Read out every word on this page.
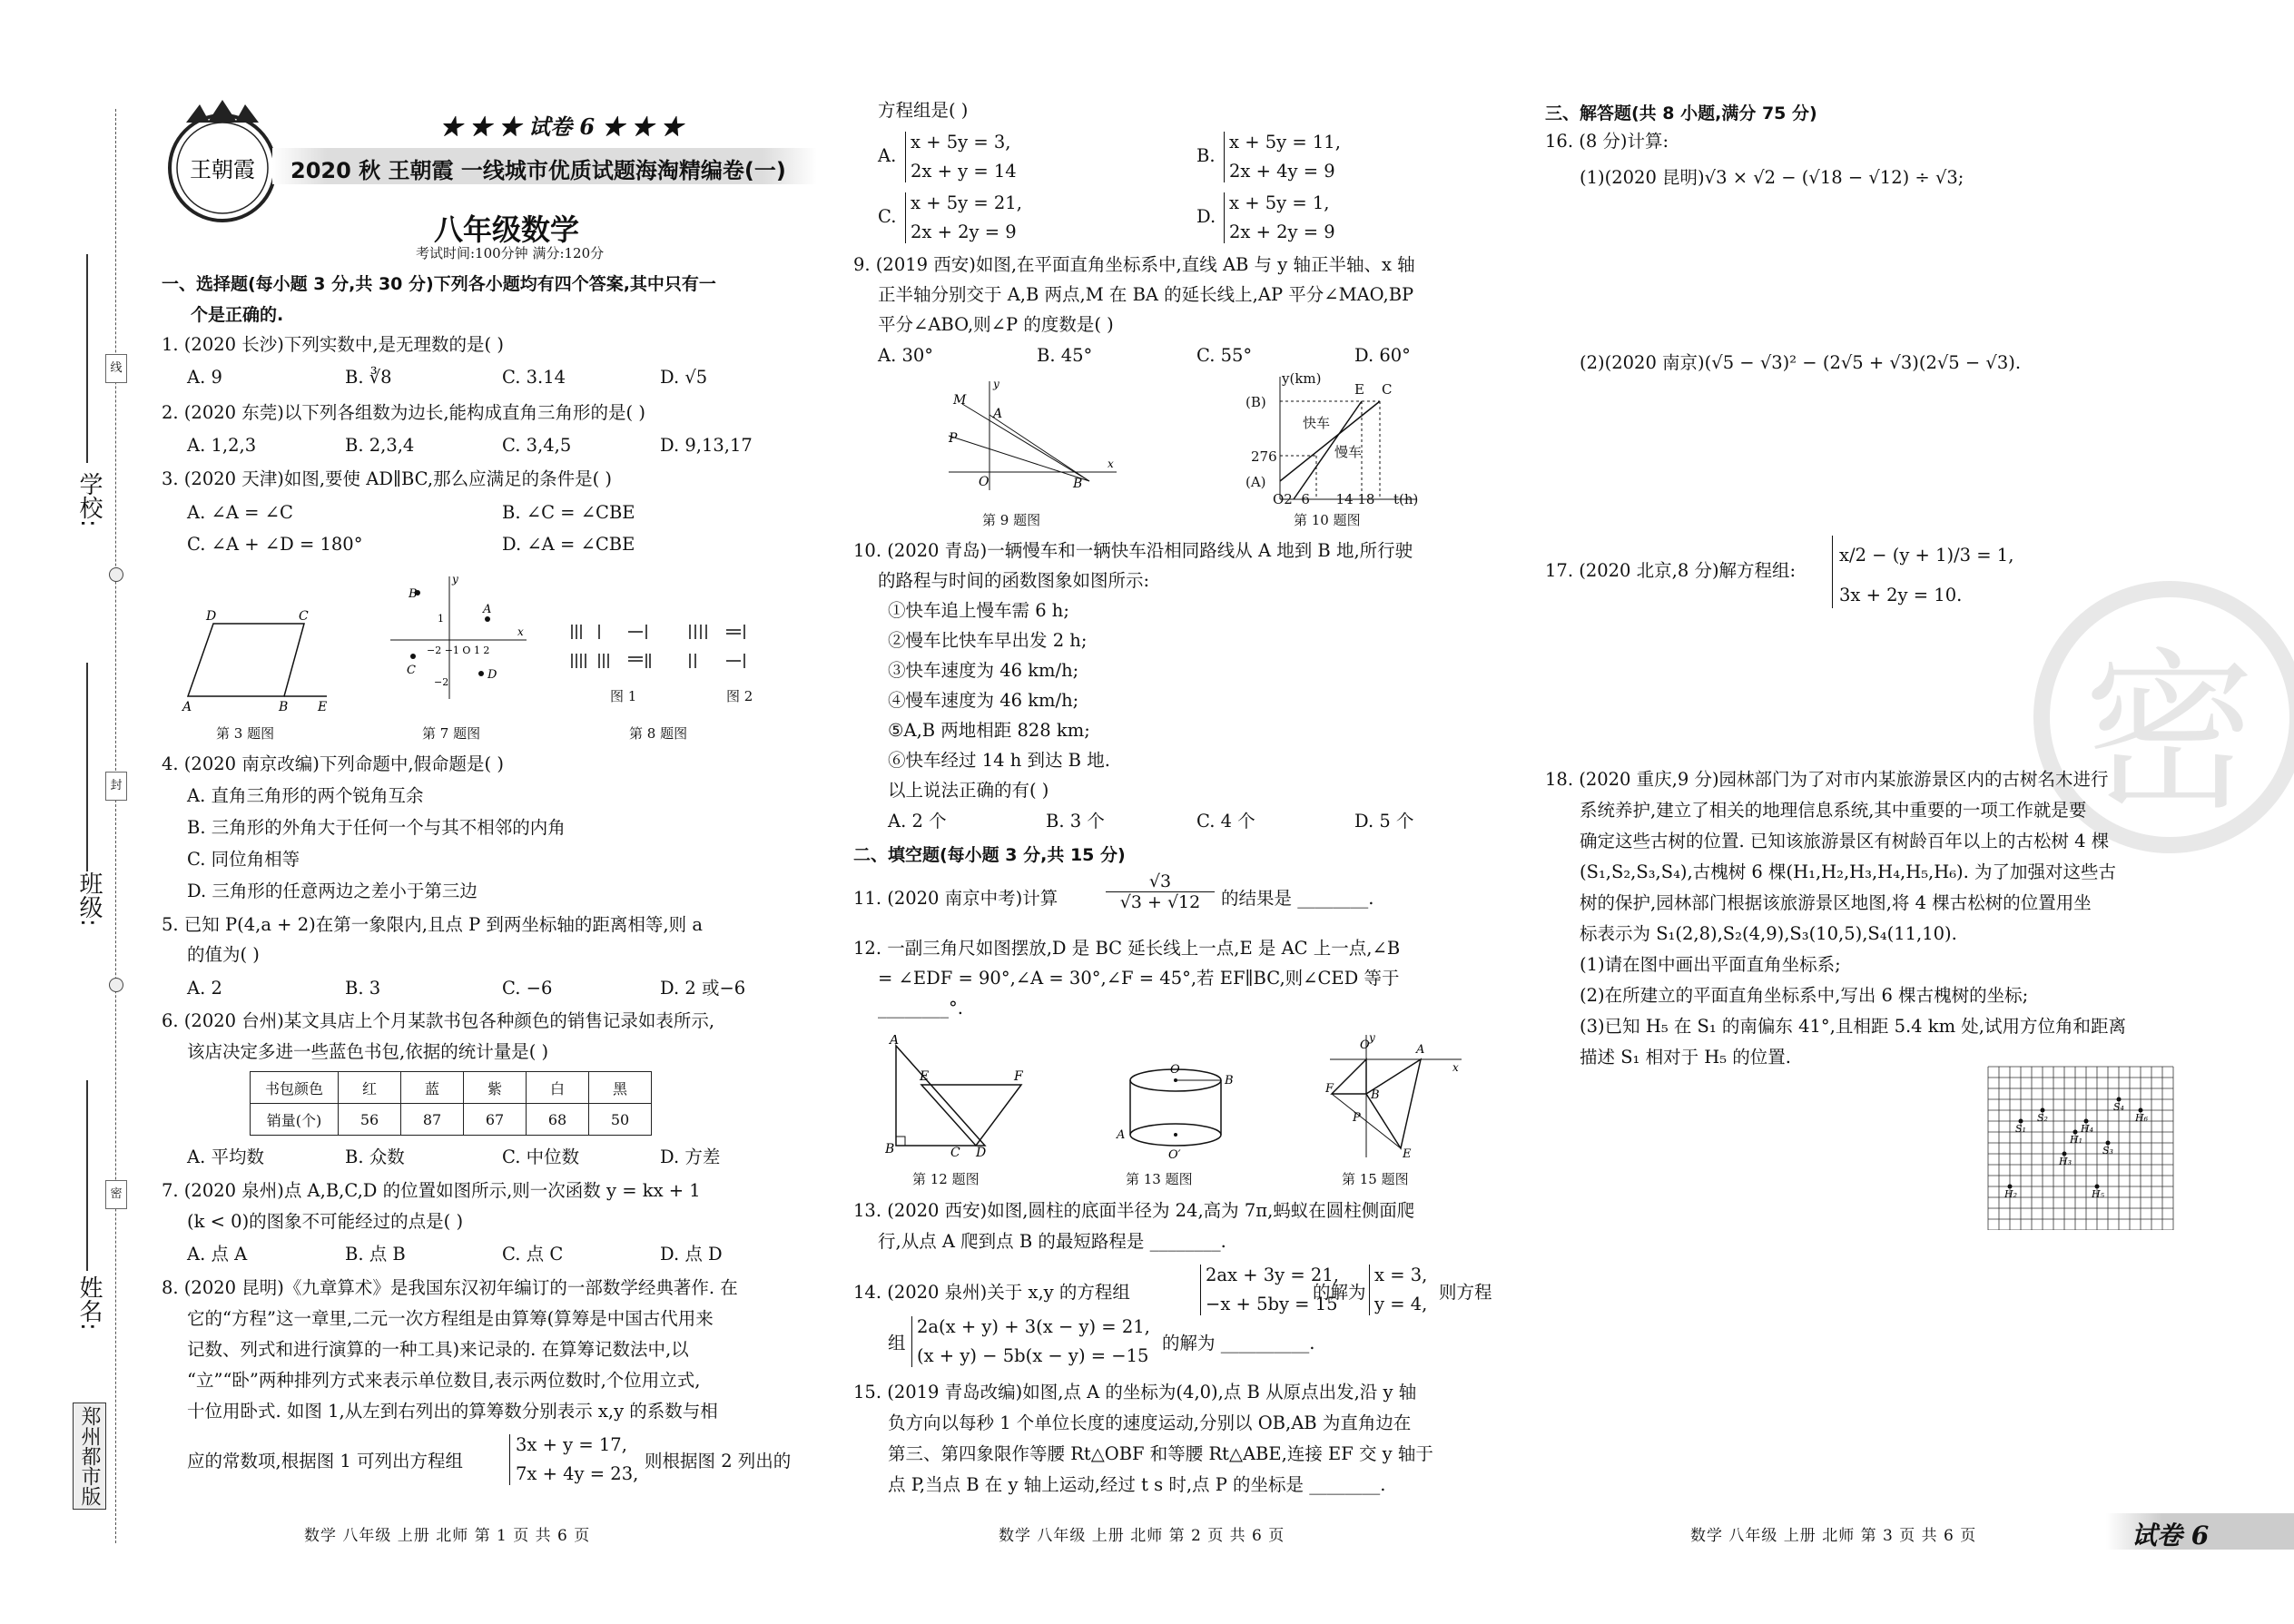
线
封
密
学校:
班级:
姓名:
郑州都市版
王朝霞
★ ★ ★ 试卷 6 ★ ★ ★
2020 秋 王朝霞 一线城市优质试题海淘精编卷(一)
八年级数学
考试时间:100分钟 满分:120分
一、选择题(每小题 3 分,共 30 分)下列各小题均有四个答案,其中只有一
个是正确的.
1. (2020 长沙)下列实数中,是无理数的是( )
A. 9	B. ∛8	C. 3.14	D. √5
2. (2020 东莞)以下列各组数为边长,能构成直角三角形的是( )
A. 1,2,3	B. 2,3,4	C. 3,4,5	D. 9,13,17
3. (2020 天津)如图,要使 AD∥BC,那么应满足的条件是( )
A. ∠A = ∠C	B. ∠C = ∠CBE
C. ∠A + ∠D = 180°	D. ∠A = ∠CBE
D	C
A	B E
第 3 题图
x
y
B
A
C	D
−2 −1 O 1 2
1
−2
第 7 题图
图 1	图 2
第 8 题图
4. (2020 南京改编)下列命题中,假命题是( )
A. 直角三角形的两个锐角互余
B. 三角形的外角大于任何一个与其不相邻的内角
C. 同位角相等
D. 三角形的任意两边之差小于第三边
5. 已知 P(4,a + 2)在第一象限内,且点 P 到两坐标轴的距离相等,则 a
的值为( )
A. 2	B. 3	C. −6	D. 2 或−6
6. (2020 台州)某文具店上个月某款书包各种颜色的销售记录如表所示,
该店决定多进一些蓝色书包,依据的统计量是( )
书包颜色	红	蓝	紫	白	黑
销量(个)	56	87	67	68	50
A. 平均数	B. 众数	C. 中位数	D. 方差
7. (2020 泉州)点 A,B,C,D 的位置如图所示,则一次函数 y = kx + 1
(k < 0)的图象不可能经过的点是( )
A. 点 A	B. 点 B	C. 点 C	D. 点 D
8. (2020 昆明)《九章算术》是我国东汉初年编订的一部数学经典著作. 在
它的“方程”这一章里,二元一次方程组是由算筹(算筹是中国古代用来
记数、列式和进行演算的一种工具)来记录的. 在算筹记数法中,以
“立”“卧”两种排列方式来表示单位数目,表示两位数时,个位用立式,
十位用卧式. 如图 1,从左到右列出的算筹数分别表示 x,y 的系数与相
应的常数项,根据图 1 可列出方程组
3x + y = 17,
7x + 4y = 23,
则根据图 2 列出的
数学 八年级 上册 北师 第 1 页 共 6 页
方程组是( )
A.
x + 5y = 3,
2x + y = 14
B.
x + 5y = 11,
2x + 4y = 9
C.
x + 5y = 21,
2x + 2y = 9
D.
x + 5y = 1,
2x + 2y = 9
9. (2019 西安)如图,在平面直角坐标系中,直线 AB 与 y 轴正半轴、x 轴
正半轴分别交于 A,B 两点,M 在 BA 的延长线上,AP 平分∠MAO,BP
平分∠ABO,则∠P 的度数是( )
A. 30°	B. 45°	C. 55°	D. 60°
M
A
P
O	B
x
y
第 9 题图
y(km)
(B)
E C
快车
慢车
276
(A)
O2  6      14 18 t(h)
第 10 题图
10. (2020 青岛)一辆慢车和一辆快车沿相同路线从 A 地到 B 地,所行驶
的路程与时间的函数图象如图所示:
①快车追上慢车需 6 h;
②慢车比快车早出发 2 h;
③快车速度为 46 km/h;
④慢车速度为 46 km/h;
⑤A,B 两地相距 828 km;
⑥快车经过 14 h 到达 B 地.
以上说法正确的有( )
A. 2 个	B. 3 个	C. 4 个	D. 5 个
二、填空题(每小题 3 分,共 15 分)
11. (2020 南京中考)计算	$\frac{√3}{√3 + √12}$ 的结果是 ________.
12. 一副三角尺如图摆放,D 是 BC 延长线上一点,E 是 AC 上一点,∠B
= ∠EDF = 90°,∠A = 30°,∠F = 45°,若 EF∥BC,则∠CED 等于
________°.
A
E	F
B	C D
第 12 题图
O
B
A
O′
第 13 题图
O	A
x
y
F	B
P
E
第 15 题图
13. (2020 西安)如图,圆柱的底面半径为 24,高为 7π,蚂蚁在圆柱侧面爬
行,从点 A 爬到点 B 的最短路程是 ________.
14. (2020 泉州)关于 x,y 的方程组
2ax + 3y = 21,
−x + 5by = 15
的解为
x = 3,
y = 4,
则方程
组
2a(x + y) + 3(x − y) = 21,
(x + y) − 5b(x − y) = −15
的解为 __________.
15. (2019 青岛改编)如图,点 A 的坐标为(4,0),点 B 从原点出发,沿 y 轴
负方向以每秒 1 个单位长度的速度运动,分别以 OB,AB 为直角边在
第三、第四象限作等腰 Rt△OBF 和等腰 Rt△ABE,连接 EF 交 y 轴于
点 P,当点 B 在 y 轴上运动,经过 t s 时,点 P 的坐标是 ________.
数学 八年级 上册 北师 第 2 页 共 6 页
密
三、解答题(共 8 小题,满分 75 分)
16. (8 分)计算:
(1)(2020 昆明)√3 × √2 − (√18 − √12) ÷ √3;
(2)(2020 南京)(√5 − √3)² − (2√5 + √3)(2√5 − √3).
17. (2020 北京,8 分)解方程组:
x/2 − (y + 1)/3 = 1,
3x + 2y = 10.
18. (2020 重庆,9 分)园林部门为了对市内某旅游景区内的古树名木进行
系统养护,建立了相关的地理信息系统,其中重要的一项工作就是要
确定这些古树的位置. 已知该旅游景区有树龄百年以上的古松树 4 棵
(S₁,S₂,S₃,S₄),古槐树 6 棵(H₁,H₂,H₃,H₄,H₅,H₆). 为了加强对这些古
树的保护,园林部门根据该旅游景区地图,将 4 棵古松树的位置用坐
标表示为 S₁(2,8),S₂(4,9),S₃(10,5),S₄(11,10).
(1)请在图中画出平面直角坐标系;
(2)在所建立的平面直角坐标系中,写出 6 棵古槐树的坐标;
(3)已知 H₅ 在 S₁ 的南偏东 41°,且相距 5.4 km 处,试用方位角和距离
描述 S₁ 相对于 H₅ 的位置.
S₁
S₂
S₃
S₄
H₁
H₂
H₃
H₄
H₅
H₆
数学 八年级 上册 北师 第 3 页 共 6 页	试卷 6
